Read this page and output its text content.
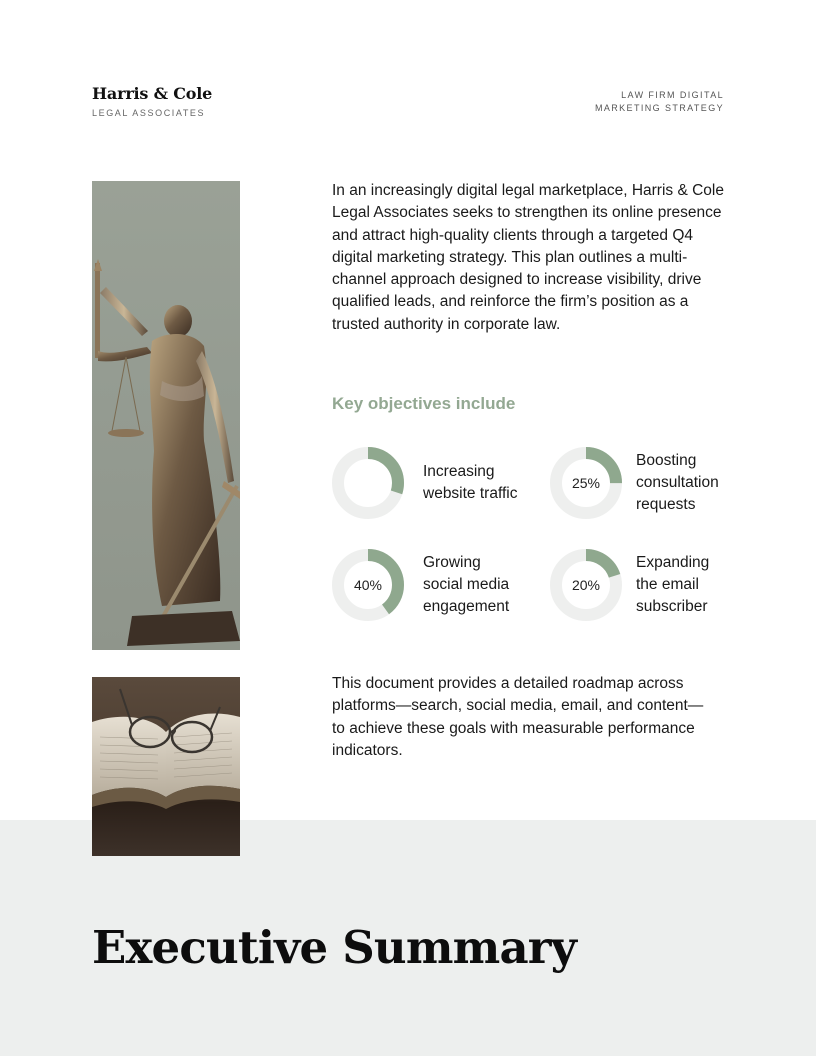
Harris & Cole
LEGAL ASSOCIATES
LAW FIRM DIGITAL
MARKETING STRATEGY

In an increasingly digital legal marketplace, Harris & Cole Legal Associates seeks to strengthen its online presence and attract high-quality clients through a targeted Q4 digital marketing strategy. This plan outlines a multi-channel approach designed to increase visibility, drive qualified leads, and reinforce the firm’s position as a trusted authority in corporate law.

Key objectives include
Increasing
website traffic
25%
Boosting
consultation
requests
40%
Growing
social media
engagement
20%
Expanding
the email
subscriber

This document provides a detailed roadmap across platforms—search, social media, email, and content—to achieve these goals with measurable performance indicators.

Executive Summary
